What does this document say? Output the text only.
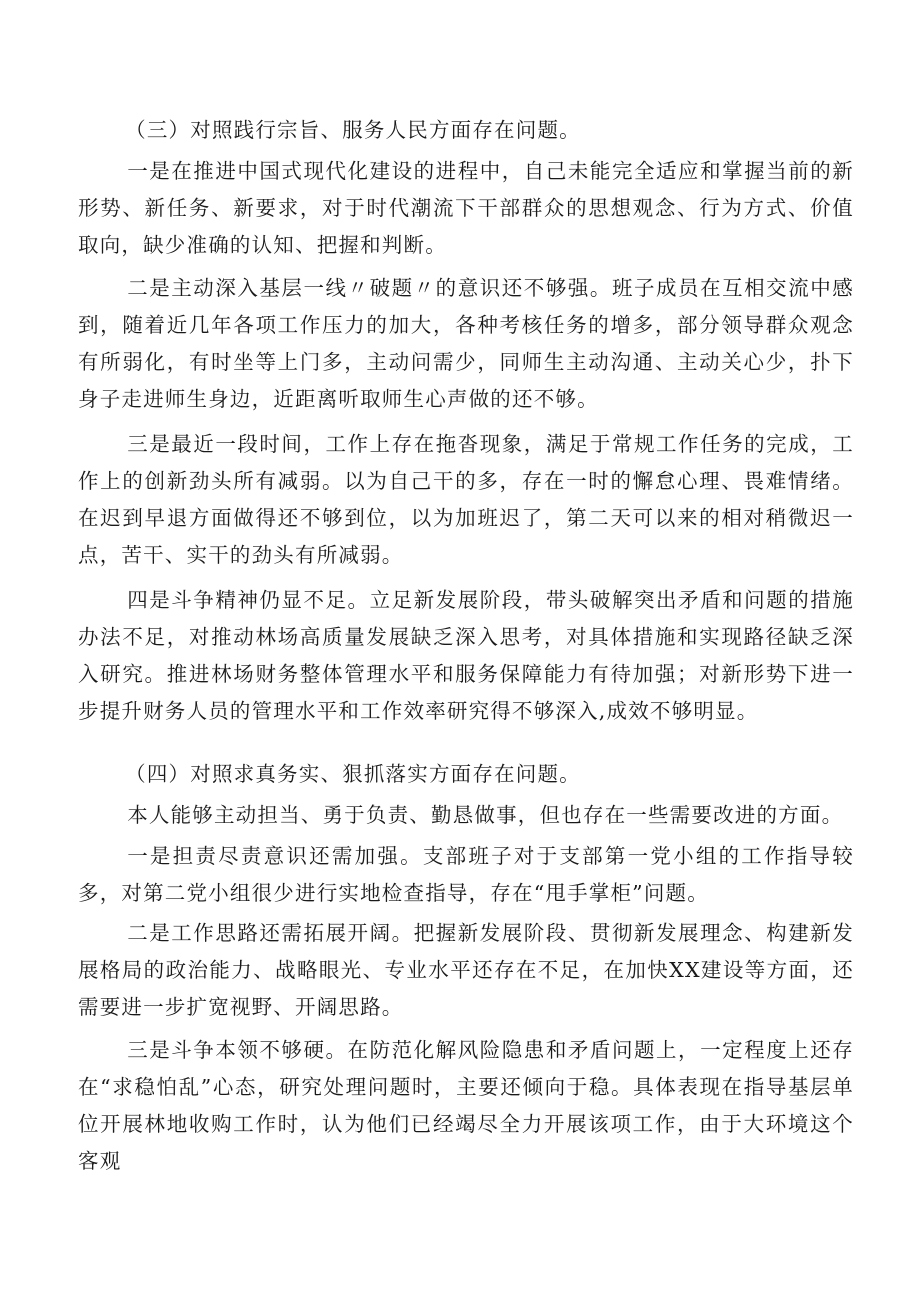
（三）对照践行宗旨、服务人民方面存在问题。

一是在推进中国式现代化建设的进程中，自己未能完全适应和掌握当前的新形势、新任务、新要求，对于时代潮流下干部群众的思想观念、行为方式、价值取向，缺少准确的认知、把握和判断。

二是主动深入基层一线〃破题〃的意识还不够强。班子成员在互相交流中感到，随着近几年各项工作压力的加大，各种考核任务的增多，部分领导群众观念有所弱化，有时坐等上门多，主动问需少，同师生主动沟通、主动关心少，扑下身子走进师生身边，近距离听取师生心声做的还不够。

三是最近一段时间，工作上存在拖沓现象，满足于常规工作任务的完成，工作上的创新劲头所有减弱。以为自己干的多，存在一时的懈怠心理、畏难情绪。在迟到早退方面做得还不够到位，以为加班迟了，第二天可以来的相对稍微迟一点，苦干、实干的劲头有所减弱。

四是斗争精神仍显不足。立足新发展阶段，带头破解突出矛盾和问题的措施办法不足，对推动林场高质量发展缺乏深入思考，对具体措施和实现路径缺乏深入研究。推进林场财务整体管理水平和服务保障能力有待加强；对新形势下进一步提升财务人员的管理水平和工作效率研究得不够深入,成效不够明显。

（四）对照求真务实、狠抓落实方面存在问题。

本人能够主动担当、勇于负责、勤恳做事，但也存在一些需要改进的方面。

一是担责尽责意识还需加强。支部班子对于支部第一党小组的工作指导较多，对第二党小组很少进行实地检查指导，存在“甩手掌柜”问题。

二是工作思路还需拓展开阔。把握新发展阶段、贯彻新发展理念、构建新发展格局的政治能力、战略眼光、专业水平还存在不足，在加快XX建设等方面，还需要进一步扩宽视野、开阔思路。

三是斗争本领不够硬。在防范化解风险隐患和矛盾问题上，一定程度上还存在“求稳怕乱”心态，研究处理问题时，主要还倾向于稳。具体表现在指导基层单位开展林地收购工作时，认为他们已经竭尽全力开展该项工作，由于大环境这个客观
